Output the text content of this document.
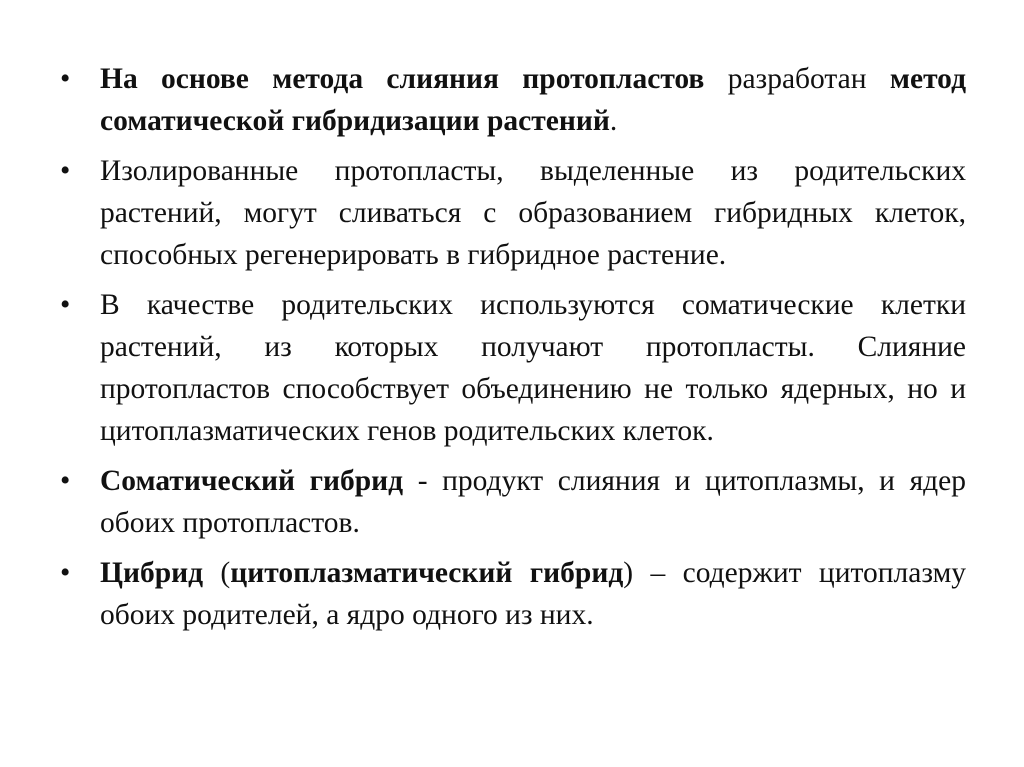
•	На основе метода слияния протопластов разработан метод соматической гибридизации растений.
•	Изолированные протопласты, выделенные из родительских растений, могут сливаться с образованием гибридных клеток, способных регенерировать в гибридное растение.
•	В качестве родительских используются соматические клетки растений, из которых получают протопласты. Слияние протопластов способствует объединению не только ядерных, но и цитоплазматических генов родительских клеток.
•	Соматический гибрид - продукт слияния и цитоплазмы, и ядер обоих протопластов.
•	Цибрид (цитоплазматический гибрид) – содержит цитоплазму обоих родителей, а ядро одного из них.
